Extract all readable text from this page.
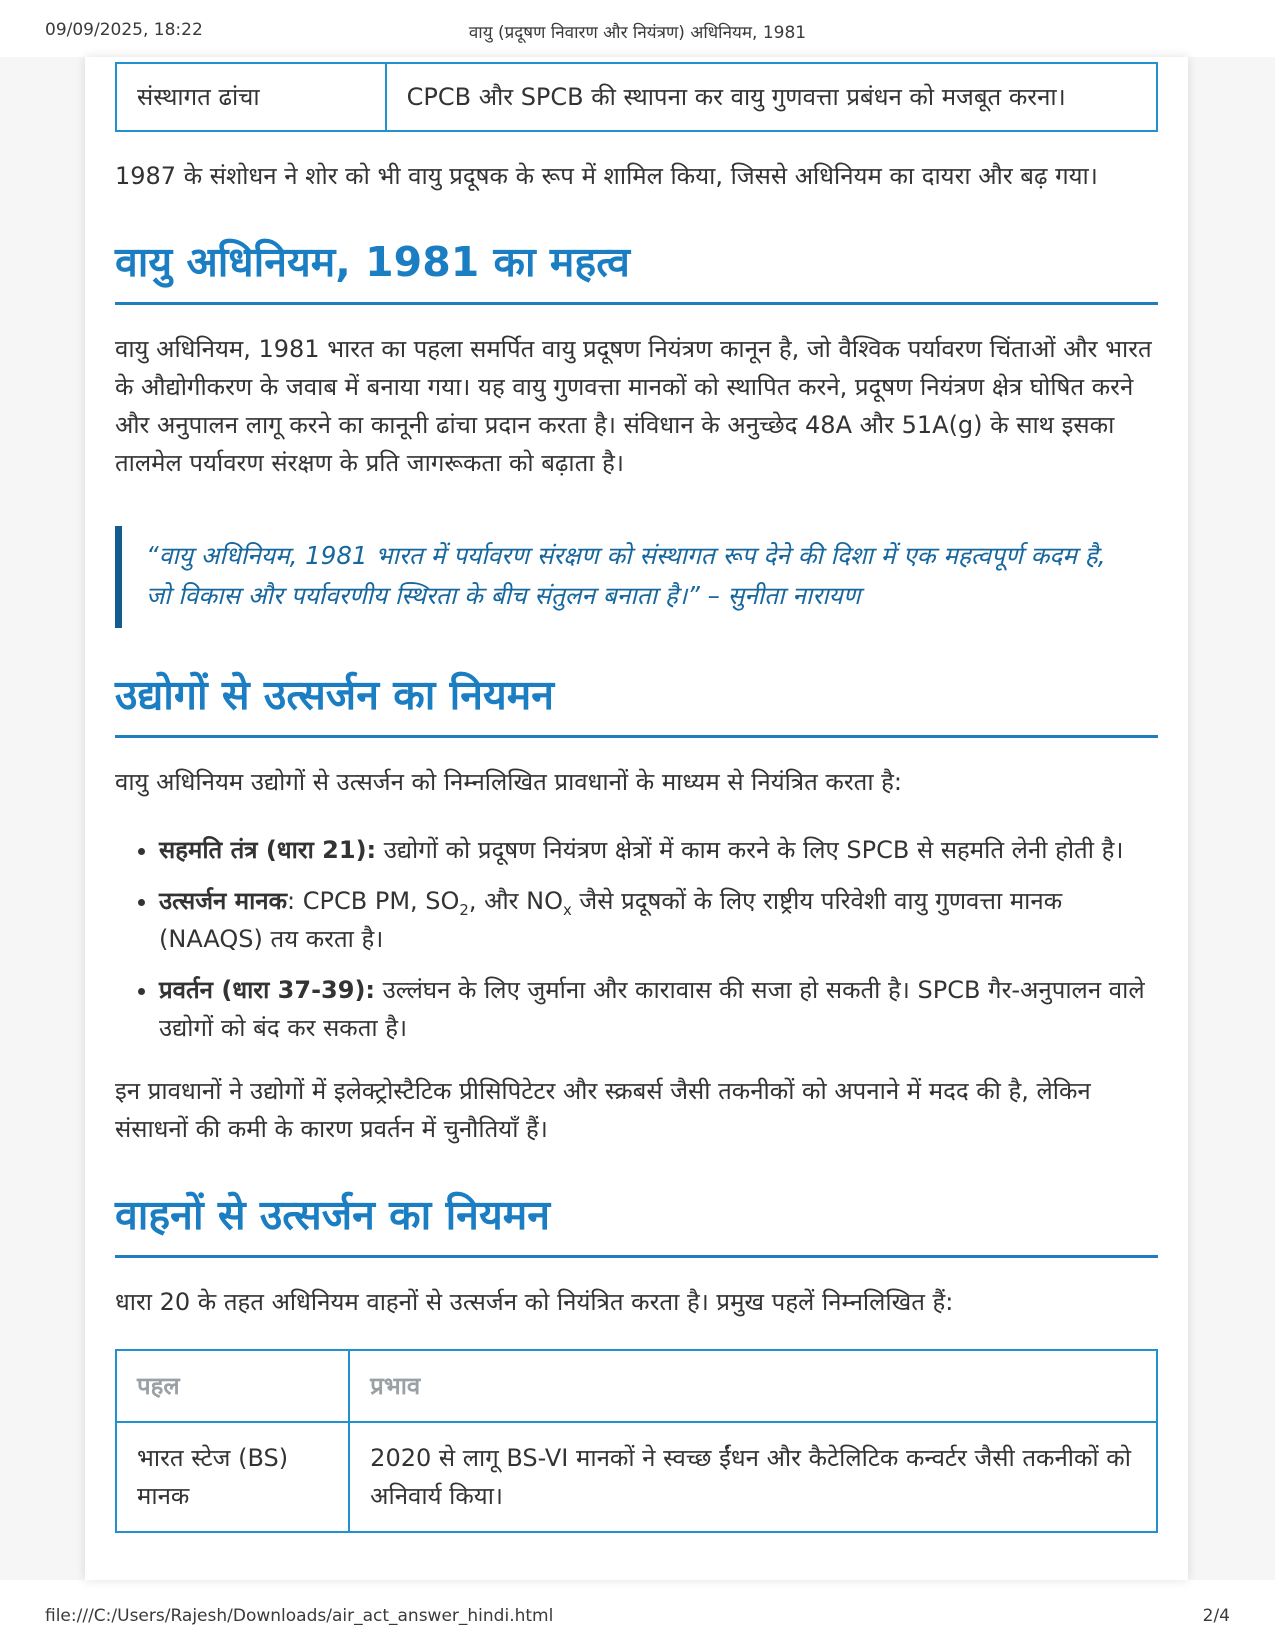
09/09/2025, 18:22	वायु (प्रदूषण निवारण और नियंत्रण) अधिनियम, 1981
संस्थागत ढांचा	CPCB और SPCB की स्थापना कर वायु गुणवत्ता प्रबंधन को मजबूत करना।

1987 के संशोधन ने शोर को भी वायु प्रदूषक के रूप में शामिल किया, जिससे अधिनियम का दायरा और बढ़ गया।

वायु अधिनियम, 1981 का महत्व

वायु अधिनियम, 1981 भारत का पहला समर्पित वायु प्रदूषण नियंत्रण कानून है, जो वैश्विक पर्यावरण चिंताओं और भारत के औद्योगीकरण के जवाब में बनाया गया। यह वायु गुणवत्ता मानकों को स्थापित करने, प्रदूषण नियंत्रण क्षेत्र घोषित करने और अनुपालन लागू करने का कानूनी ढांचा प्रदान करता है। संविधान के अनुच्छेद 48A और 51A(g) के साथ इसका तालमेल पर्यावरण संरक्षण के प्रति जागरूकता को बढ़ाता है।

“वायु अधिनियम, 1981 भारत में पर्यावरण संरक्षण को संस्थागत रूप देने की दिशा में एक महत्वपूर्ण कदम है, जो विकास और पर्यावरणीय स्थिरता के बीच संतुलन बनाता है।” – सुनीता नारायण
उद्योगों से उत्सर्जन का नियमन

वायु अधिनियम उद्योगों से उत्सर्जन को निम्नलिखित प्रावधानों के माध्यम से नियंत्रित करता है:

• सहमति तंत्र (धारा 21): उद्योगों को प्रदूषण नियंत्रण क्षेत्रों में काम करने के लिए SPCB से सहमति लेनी होती है।
• उत्सर्जन मानक: CPCB PM, $SO_2$, और $NO_x$ जैसे प्रदूषकों के लिए राष्ट्रीय परिवेशी वायु गुणवत्ता मानक (NAAQS) तय करता है।
• प्रवर्तन (धारा 37-39): उल्लंघन के लिए जुर्माना और कारावास की सजा हो सकती है। SPCB गैर-अनुपालन वाले उद्योगों को बंद कर सकता है।

इन प्रावधानों ने उद्योगों में इलेक्ट्रोस्टैटिक प्रीसिपिटेटर और स्क्रबर्स जैसी तकनीकों को अपनाने में मदद की है, लेकिन संसाधनों की कमी के कारण प्रवर्तन में चुनौतियाँ हैं।

वाहनों से उत्सर्जन का नियमन

धारा 20 के तहत अधिनियम वाहनों से उत्सर्जन को नियंत्रित करता है। प्रमुख पहलें निम्नलिखित हैं:

पहल	प्रभाव
भारत स्टेज (BS) मानक	2020 से लागू BS-VI मानकों ने स्वच्छ ईंधन और कैटेलिटिक कन्वर्टर जैसी तकनीकों को अनिवार्य किया।
file:///C:/Users/Rajesh/Downloads/air_act_answer_hindi.html	2/4
